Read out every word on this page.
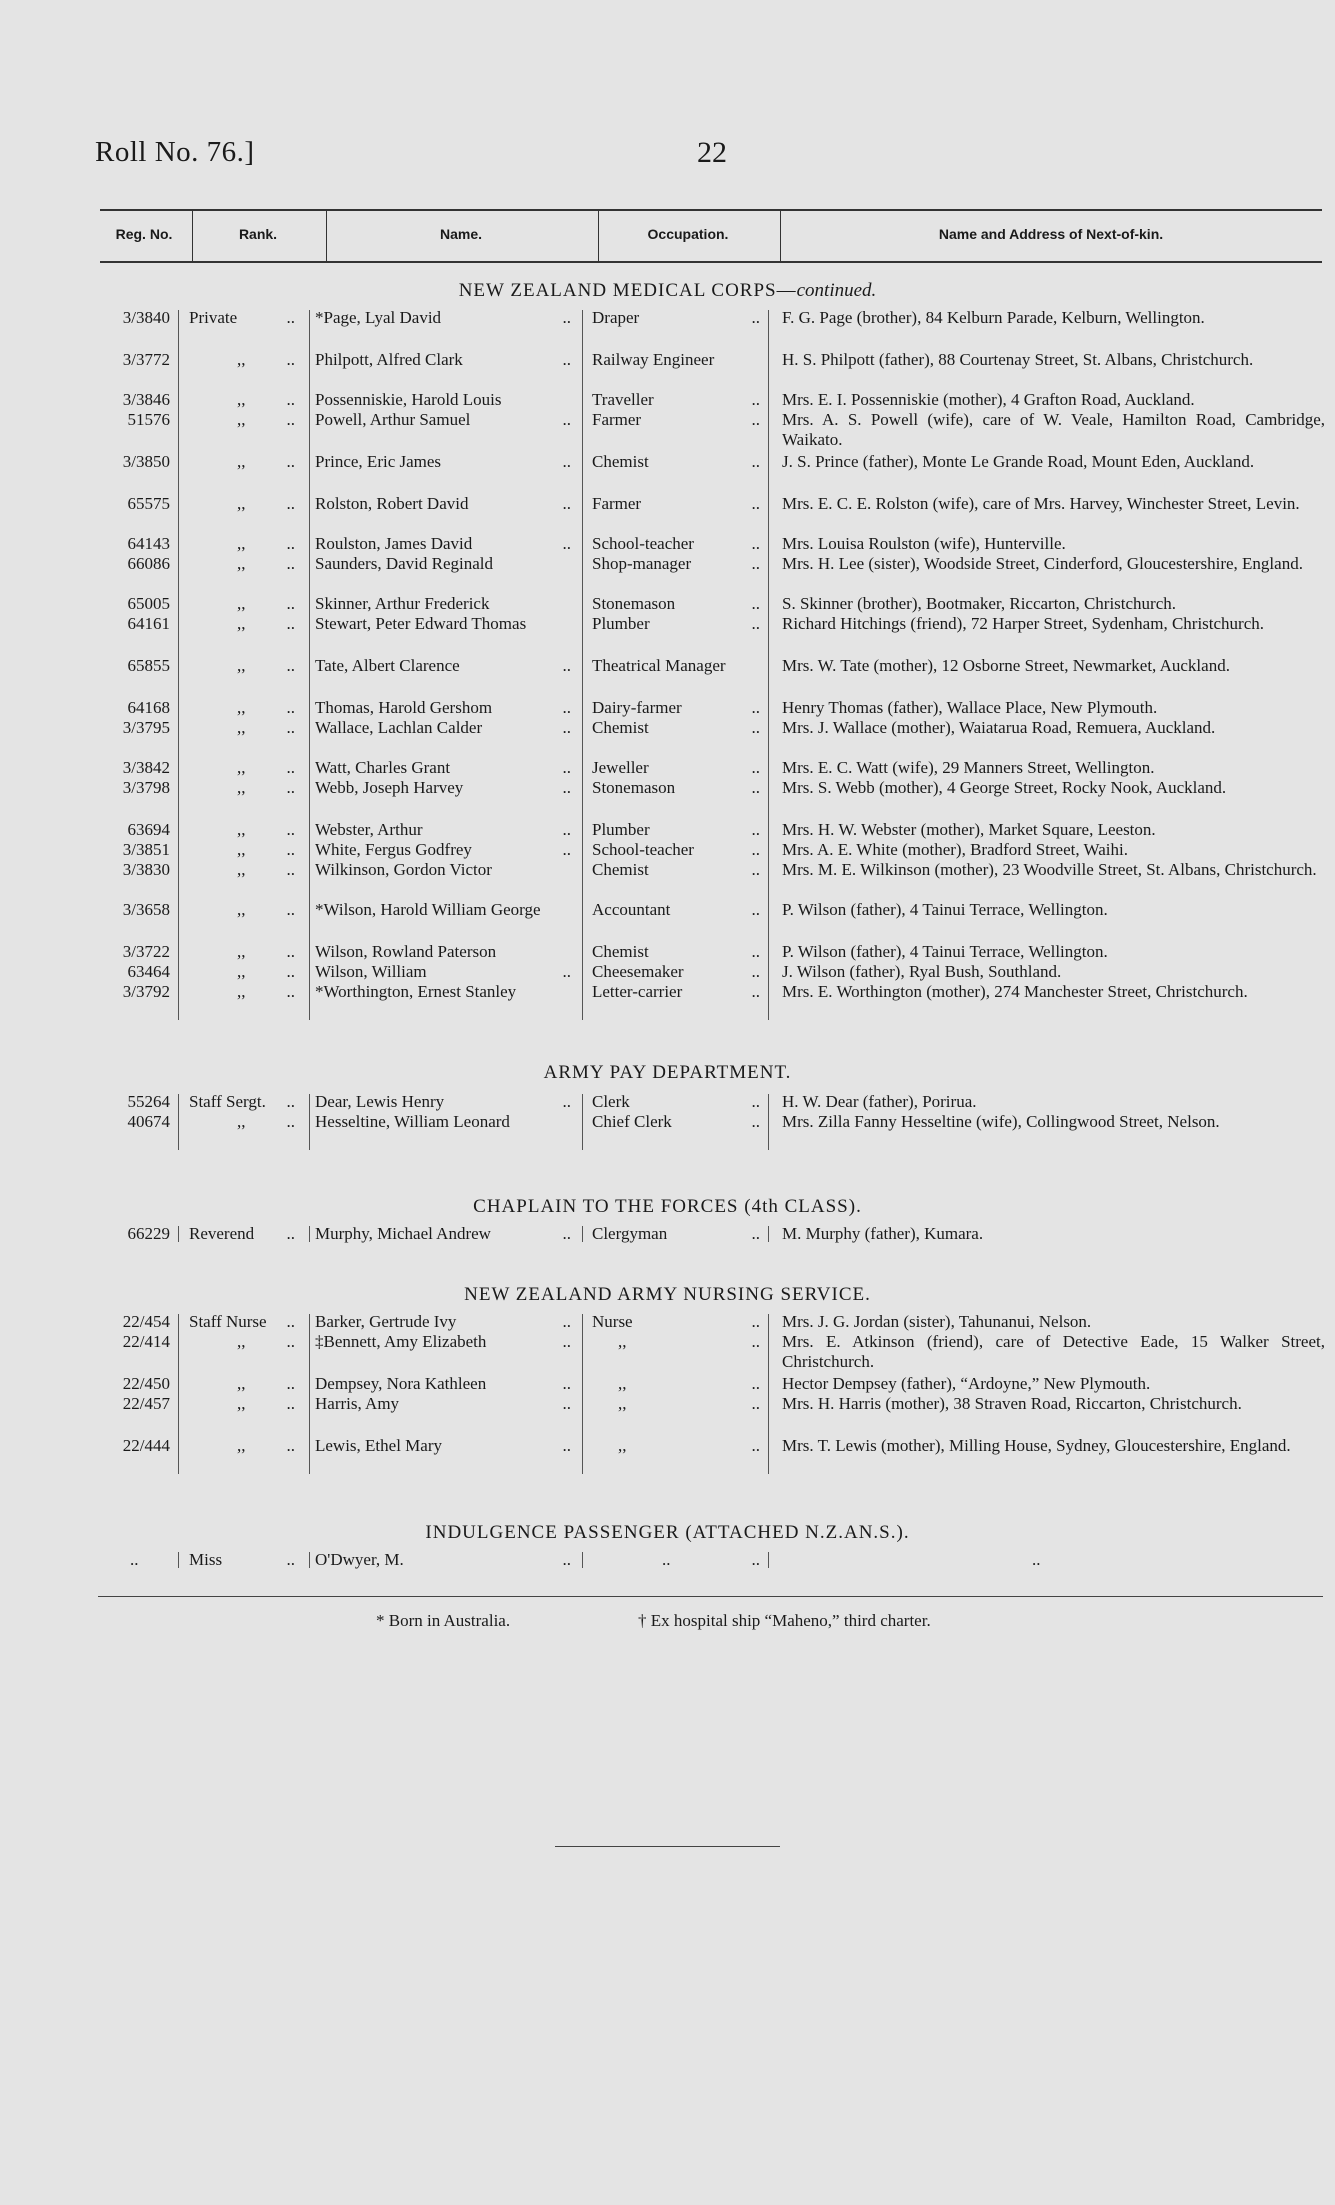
Roll No. 76.]	22
Reg. No.	Rank.	Name.	Occupation.	Name and Address of Next-of-kin.
NEW ZEALAND MEDICAL CORPS—continued.
3/3840 Private	.. *Page, Lyal David	.. Draper	.. F. G. Page (brother), 84 Kelburn Parade, Kelburn, Wellington.
3/3772	,, .. Philpott, Alfred Clark	.. Railway Engineer	H. S. Philpott (father), 88 Courtenay Street, St. Albans, Christchurch.
3/3846	,, .. Possenniskie, Harold Louis	Traveller	.. Mrs. E. I. Possenniskie (mother), 4 Grafton Road, Auckland.
51576	,, .. Powell, Arthur Samuel	.. Farmer	.. Mrs. A. S. Powell (wife), care of W. Veale, Hamilton Road, Cambridge, Waikato.
3/3850	,, .. Prince, Eric James	.. Chemist	.. J. S. Prince (father), Monte Le Grande Road, Mount Eden, Auckland.
65575	,, .. Rolston, Robert David	.. Farmer	.. Mrs. E. C. E. Rolston (wife), care of Mrs. Harvey, Winchester Street, Levin.
64143	,, .. Roulston, James David	.. School-teacher	.. Mrs. Louisa Roulston (wife), Hunterville.
66086	,, .. Saunders, David Reginald	Shop-manager	.. Mrs. H. Lee (sister), Woodside Street, Cinderford, Gloucestershire, England.
65005	,, .. Skinner, Arthur Frederick	Stonemason	.. S. Skinner (brother), Bootmaker, Riccarton, Christchurch.
64161	,, .. Stewart, Peter Edward Thomas	Plumber	.. Richard Hitchings (friend), 72 Harper Street, Sydenham, Christchurch.
65855	,, .. Tate, Albert Clarence	.. Theatrical Manager	Mrs. W. Tate (mother), 12 Osborne Street, Newmarket, Auckland.
64168	,, .. Thomas, Harold Gershom	.. Dairy-farmer	.. Henry Thomas (father), Wallace Place, New Plymouth.
3/3795	,, .. Wallace, Lachlan Calder	.. Chemist	.. Mrs. J. Wallace (mother), Waiatarua Road, Remuera, Auckland.
3/3842	,, .. Watt, Charles Grant	.. Jeweller	.. Mrs. E. C. Watt (wife), 29 Manners Street, Wellington.
3/3798	,, .. Webb, Joseph Harvey	.. Stonemason	.. Mrs. S. Webb (mother), 4 George Street, Rocky Nook, Auckland.
63694	,, .. Webster, Arthur	.. Plumber	.. Mrs. H. W. Webster (mother), Market Square, Leeston.
3/3851	,, .. White, Fergus Godfrey	.. School-teacher	.. Mrs. A. E. White (mother), Bradford Street, Waihi.
3/3830	,, .. Wilkinson, Gordon Victor	Chemist	.. Mrs. M. E. Wilkinson (mother), 23 Woodville Street, St. Albans, Christchurch.
3/3658	,, .. *Wilson, Harold William George	Accountant	.. P. Wilson (father), 4 Tainui Terrace, Wellington.
3/3722	,, .. Wilson, Rowland Paterson	Chemist	.. P. Wilson (father), 4 Tainui Terrace, Wellington.
63464	,, .. Wilson, William	.. Cheesemaker	.. J. Wilson (father), Ryal Bush, Southland.
3/3792	,, .. *Worthington, Ernest Stanley	Letter-carrier	.. Mrs. E. Worthington (mother), 274 Manchester Street, Christchurch.
ARMY PAY DEPARTMENT.
55264 Staff Sergt. .. Dear, Lewis Henry	.. Clerk	.. H. W. Dear (father), Porirua.
40674	,, .. Hesseltine, William Leonard	Chief Clerk	.. Mrs. Zilla Fanny Hesseltine (wife), Collingwood Street, Nelson.
CHAPLAIN TO THE FORCES (4th CLASS).
66229 Reverend .. Murphy, Michael Andrew	.. Clergyman	.. M. Murphy (father), Kumara.
NEW ZEALAND ARMY NURSING SERVICE.
22/454 Staff Nurse .. Barker, Gertrude Ivy	.. Nurse	.. Mrs. J. G. Jordan (sister), Tahunanui, Nelson.
22/414	,, .. ‡Bennett, Amy Elizabeth	..	,,	.. Mrs. E. Atkinson (friend), care of Detective Eade, 15 Walker Street, Christchurch.
22/450	,, .. Dempsey, Nora Kathleen	..	,,	.. Hector Dempsey (father), “Ardoyne,” New Plymouth.
22/457	,, .. Harris, Amy	..	,,	.. Mrs. H. Harris (mother), 38 Straven Road, Riccarton, Christchurch.
22/444	,, .. Lewis, Ethel Mary	..	,,	.. Mrs. T. Lewis (mother), Milling House, Sydney, Gloucestershire, England.
INDULGENCE PASSENGER (ATTACHED N.Z.AN.S.).
..	Miss	.. O'Dwyer, M.	..	..	..	..
* Born in Australia.	† Ex hospital ship “Maheno,” third charter.
